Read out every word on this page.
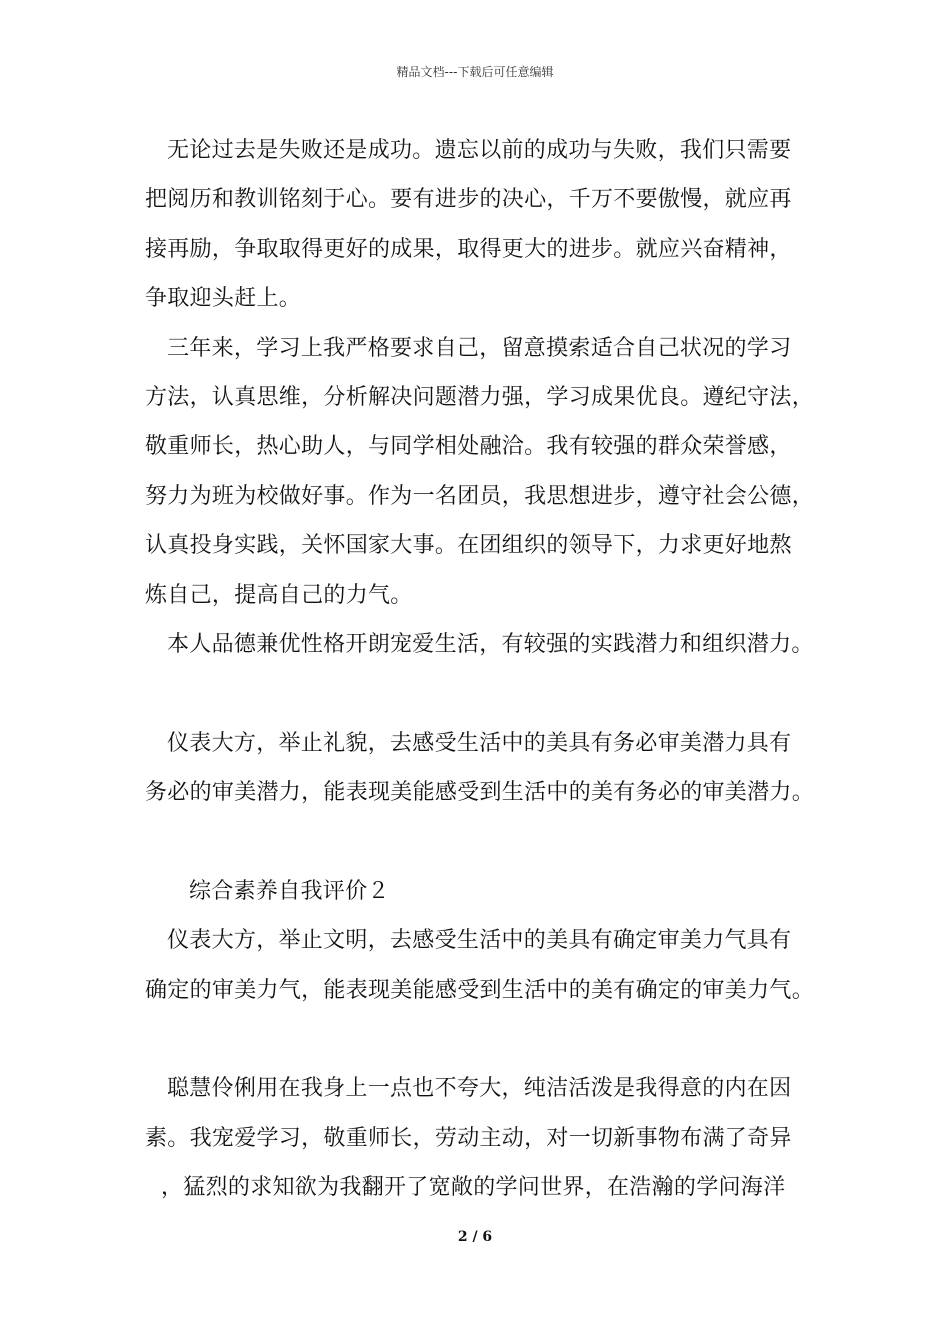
精品文档---下载后可任意编辑
无论过去是失败还是成功。遗忘以前的成功与失败，我们只需要
把阅历和教训铭刻于心。要有进步的决心，千万不要傲慢，就应再
接再励，争取取得更好的成果，取得更大的进步。就应兴奋精神，
争取迎头赶上。
三年来，学习上我严格要求自己，留意摸索适合自己状况的学习
方法，认真思维，分析解决问题潜力强，学习成果优良。遵纪守法，
敬重师长，热心助人，与同学相处融洽。我有较强的群众荣誉感，
努力为班为校做好事。作为一名团员，我思想进步，遵守社会公德，
认真投身实践，关怀国家大事。在团组织的领导下，力求更好地熬
炼自己，提高自己的力气。
本人品德兼优性格开朗宠爱生活，有较强的实践潜力和组织潜力。
仪表大方，举止礼貌，去感受生活中的美具有务必审美潜力具有
务必的审美潜力，能表现美能感受到生活中的美有务必的审美潜力。
综合素养自我评价２
仪表大方，举止文明，去感受生活中的美具有确定审美力气具有
确定的审美力气，能表现美能感受到生活中的美有确定的审美力气。
聪慧伶俐用在我身上一点也不夸大，纯洁活泼是我得意的内在因
素。我宠爱学习，敬重师长，劳动主动，对一切新事物布满了奇异
，猛烈的求知欲为我翻开了宽敞的学问世界，在浩瀚的学问海洋
2 / 6
